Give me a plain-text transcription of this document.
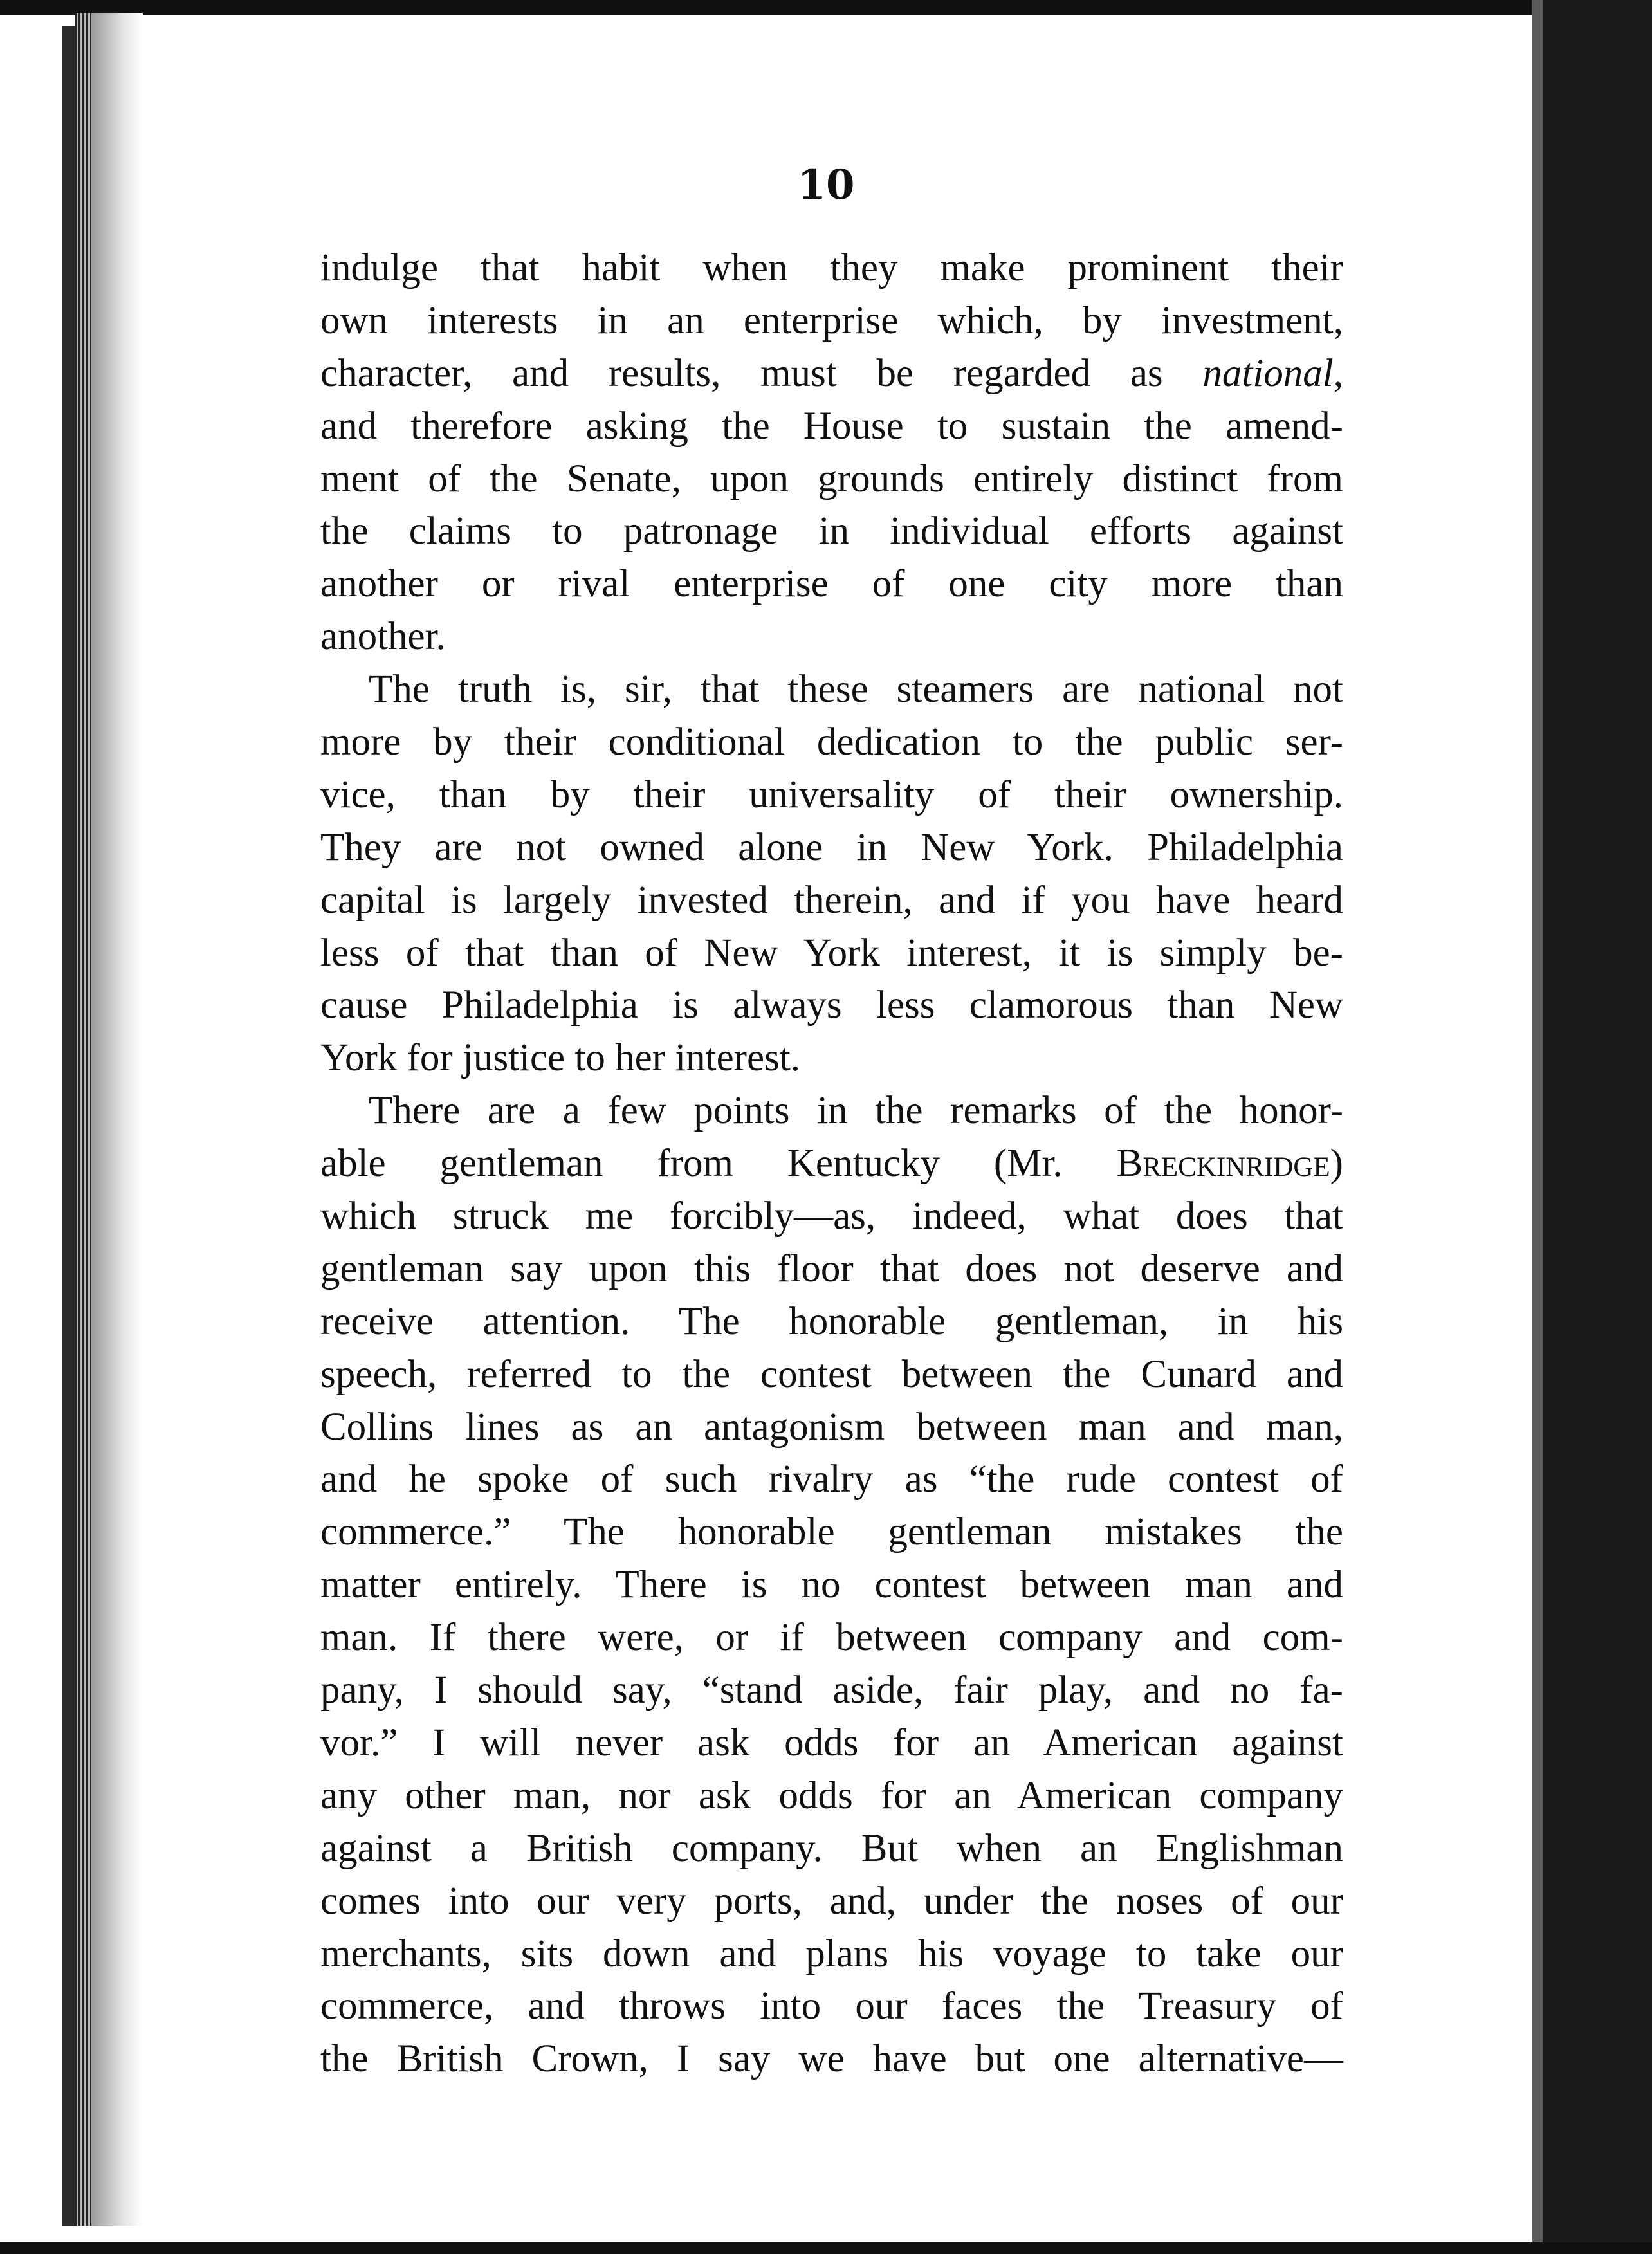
10
indulge that habit when they make prominent their
own interests in an enterprise which, by investment,
character, and results, must be regarded as national,
and therefore asking the House to sustain the amend-
ment of the Senate, upon grounds entirely distinct from
the claims to patronage in individual efforts against
another or rival enterprise of one city more than
another.
The truth is, sir, that these steamers are national not
more by their conditional dedication to the public ser-
vice, than by their universality of their ownership.
They are not owned alone in New York. Philadelphia
capital is largely invested therein, and if you have heard
less of that than of New York interest, it is simply be-
cause Philadelphia is always less clamorous than New
York for justice to her interest.
There are a few points in the remarks of the honor-
able gentleman from Kentucky (Mr. Breckinridge)
which struck me forcibly—as, indeed, what does that
gentleman say upon this floor that does not deserve and
receive attention. The honorable gentleman, in his
speech, referred to the contest between the Cunard and
Collins lines as an antagonism between man and man,
and he spoke of such rivalry as “the rude contest of
commerce.” The honorable gentleman mistakes the
matter entirely. There is no contest between man and
man. If there were, or if between company and com-
pany, I should say, “stand aside, fair play, and no fa-
vor.” I will never ask odds for an American against
any other man, nor ask odds for an American company
against a British company. But when an Englishman
comes into our very ports, and, under the noses of our
merchants, sits down and plans his voyage to take our
commerce, and throws into our faces the Treasury of
the British Crown, I say we have but one alternative—
